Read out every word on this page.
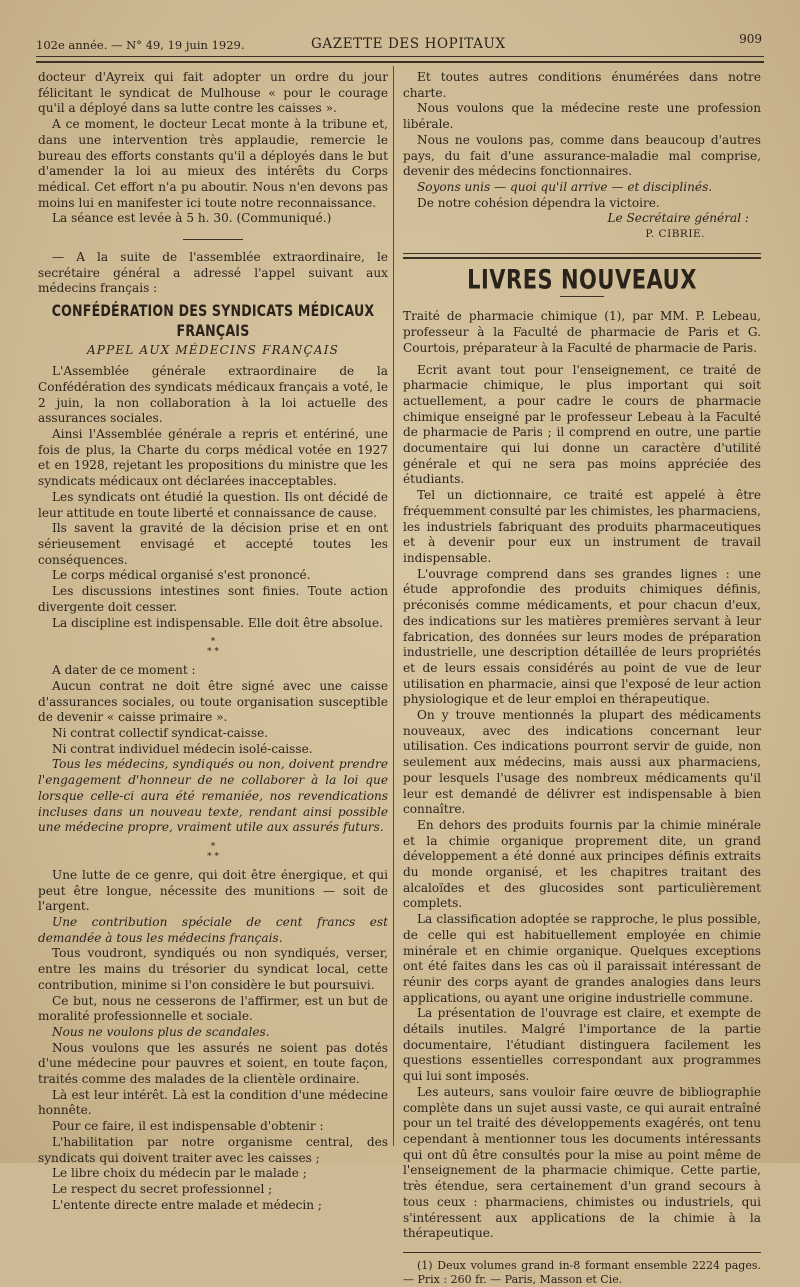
102e année. — N° 49, 19 juin 1929.	GAZETTE DES HOPITAUX	909

docteur d'Ayreix qui fait adopter un ordre du jour félicitant le syndicat de Mulhouse « pour le courage qu'il a déployé dans sa lutte contre les caisses ».

A ce moment, le docteur Lecat monte à la tribune et, dans une intervention très applaudie, remercie le bureau des efforts constants qu'il a déployés dans le but d'amender la loi au mieux des intérêts du Corps médical. Cet effort n'a pu aboutir. Nous n'en devons pas moins lui en manifester ici toute notre reconnaissance.

La séance est levée à 5 h. 30. (Communiqué.)

— A la suite de l'assemblée extraordinaire, le secrétaire général a adressé l'appel suivant aux médecins français :

CONFÉDÉRATION DES SYNDICATS MÉDICAUX FRANÇAIS
APPEL AUX MÉDECINS FRANÇAIS

L'Assemblée générale extraordinaire de la Confédération des syndicats médicaux français a voté, le 2 juin, la non collaboration à la loi actuelle des assurances sociales.

Ainsi l'Assemblée générale a repris et entériné, une fois de plus, la Charte du corps médical votée en 1927 et en 1928, rejetant les propositions du ministre que les syndicats médicaux ont déclarées inacceptables.

Les syndicats ont étudié la question. Ils ont décidé de leur attitude en toute liberté et connaissance de cause.

Ils savent la gravité de la décision prise et en ont sérieusement envisagé et accepté toutes les conséquences.

Le corps médical organisé s'est prononcé.

Les discussions intestines sont finies. Toute action divergente doit cesser.

La discipline est indispensable. Elle doit être absolue.

*
* *

A dater de ce moment :

Aucun contrat ne doit être signé avec une caisse d'assurances sociales, ou toute organisation susceptible de devenir « caisse primaire ».

Ni contrat collectif syndicat-caisse.

Ni contrat individuel médecin isolé-caisse.

Tous les médecins, syndiqués ou non, doivent prendre l'engagement d'honneur de ne collaborer à la loi que lorsque celle-ci aura été remaniée, nos revendications incluses dans un nouveau texte, rendant ainsi possible une médecine propre, vraiment utile aux assurés futurs.

*
* *

Une lutte de ce genre, qui doit être énergique, et qui peut être longue, nécessite des munitions — soit de l'argent.

Une contribution spéciale de cent francs est demandée à tous les médecins français.

Tous voudront, syndiqués ou non syndiqués, verser, entre les mains du trésorier du syndicat local, cette contribution, minime si l'on considère le but poursuivi.

Ce but, nous ne cesserons de l'affirmer, est un but de moralité professionnelle et sociale.

Nous ne voulons plus de scandales.

Nous voulons que les assurés ne soient pas dotés d'une médecine pour pauvres et soient, en toute façon, traités comme des malades de la clientèle ordinaire.

Là est leur intérêt. Là est la condition d'une médecine honnête.

Pour ce faire, il est indispensable d'obtenir :

L'habilitation par notre organisme central, des syndicats qui doivent traiter avec les caisses ;

Le libre choix du médecin par le malade ;

Le respect du secret professionnel ;

L'entente directe entre malade et médecin ;

Et toutes autres conditions énumérées dans notre charte.

Nous voulons que la médecine reste une profession libérale.

Nous ne voulons pas, comme dans beaucoup d'autres pays, du fait d'une assurance-maladie mal comprise, devenir des médecins fonctionnaires.

Soyons unis — quoi qu'il arrive — et disciplinés.

De notre cohésion dépendra la victoire.

Le Secrétaire général :
P. CIBRIE.
LIVRES NOUVEAUX

Traité de pharmacie chimique (1), par MM. P. Lebeau, professeur à la Faculté de pharmacie de Paris et G. Courtois, préparateur à la Faculté de pharmacie de Paris.

Ecrit avant tout pour l'enseignement, ce traité de pharmacie chimique, le plus important qui soit actuellement, a pour cadre le cours de pharmacie chimique enseigné par le professeur Lebeau à la Faculté de pharmacie de Paris ; il comprend en outre, une partie documentaire qui lui donne un caractère d'utilité générale et qui ne sera pas moins appréciée des étudiants.

Tel un dictionnaire, ce traité est appelé à être fréquemment consulté par les chimistes, les pharmaciens, les industriels fabriquant des produits pharmaceutiques et à devenir pour eux un instrument de travail indispensable.

L'ouvrage comprend dans ses grandes lignes : une étude approfondie des produits chimiques définis, préconisés comme médicaments, et pour chacun d'eux, des indications sur les matières premières servant à leur fabrication, des données sur leurs modes de préparation industrielle, une description détaillée de leurs propriétés et de leurs essais considérés au point de vue de leur utilisation en pharmacie, ainsi que l'exposé de leur action physiologique et de leur emploi en thérapeutique.

On y trouve mentionnés la plupart des médicaments nouveaux, avec des indications concernant leur utilisation. Ces indications pourront servir de guide, non seulement aux médecins, mais aussi aux pharmaciens, pour lesquels l'usage des nombreux médicaments qu'il leur est demandé de délivrer est indispensable à bien connaître.

En dehors des produits fournis par la chimie minérale et la chimie organique proprement dite, un grand développement a été donné aux principes définis extraits du monde organisé, et les chapitres traitant des alcaloïdes et des glucosides sont particulièrement complets.

La classification adoptée se rapproche, le plus possible, de celle qui est habituellement employée en chimie minérale et en chimie organique. Quelques exceptions ont été faites dans les cas où il paraissait intéressant de réunir des corps ayant de grandes analogies dans leurs applications, ou ayant une origine industrielle commune.

La présentation de l'ouvrage est claire, et exempte de détails inutiles. Malgré l'importance de la partie documentaire, l'étudiant distinguera facilement les questions essentielles correspondant aux programmes qui lui sont imposés.

Les auteurs, sans vouloir faire œuvre de bibliographie complète dans un sujet aussi vaste, ce qui aurait entraîné pour un tel traité des développements exagérés, ont tenu cependant à mentionner tous les documents intéressants qui ont dû être consultés pour la mise au point même de l'enseignement de la pharmacie chimique. Cette partie, très étendue, sera certainement d'un grand secours à tous ceux : pharmaciens, chimistes ou industriels, qui s'intéressent aux applications de la chimie à la thérapeutique.

(1) Deux volumes grand in-8 formant ensemble 2224 pages. — Prix : 260 fr. — Paris, Masson et Cie.
